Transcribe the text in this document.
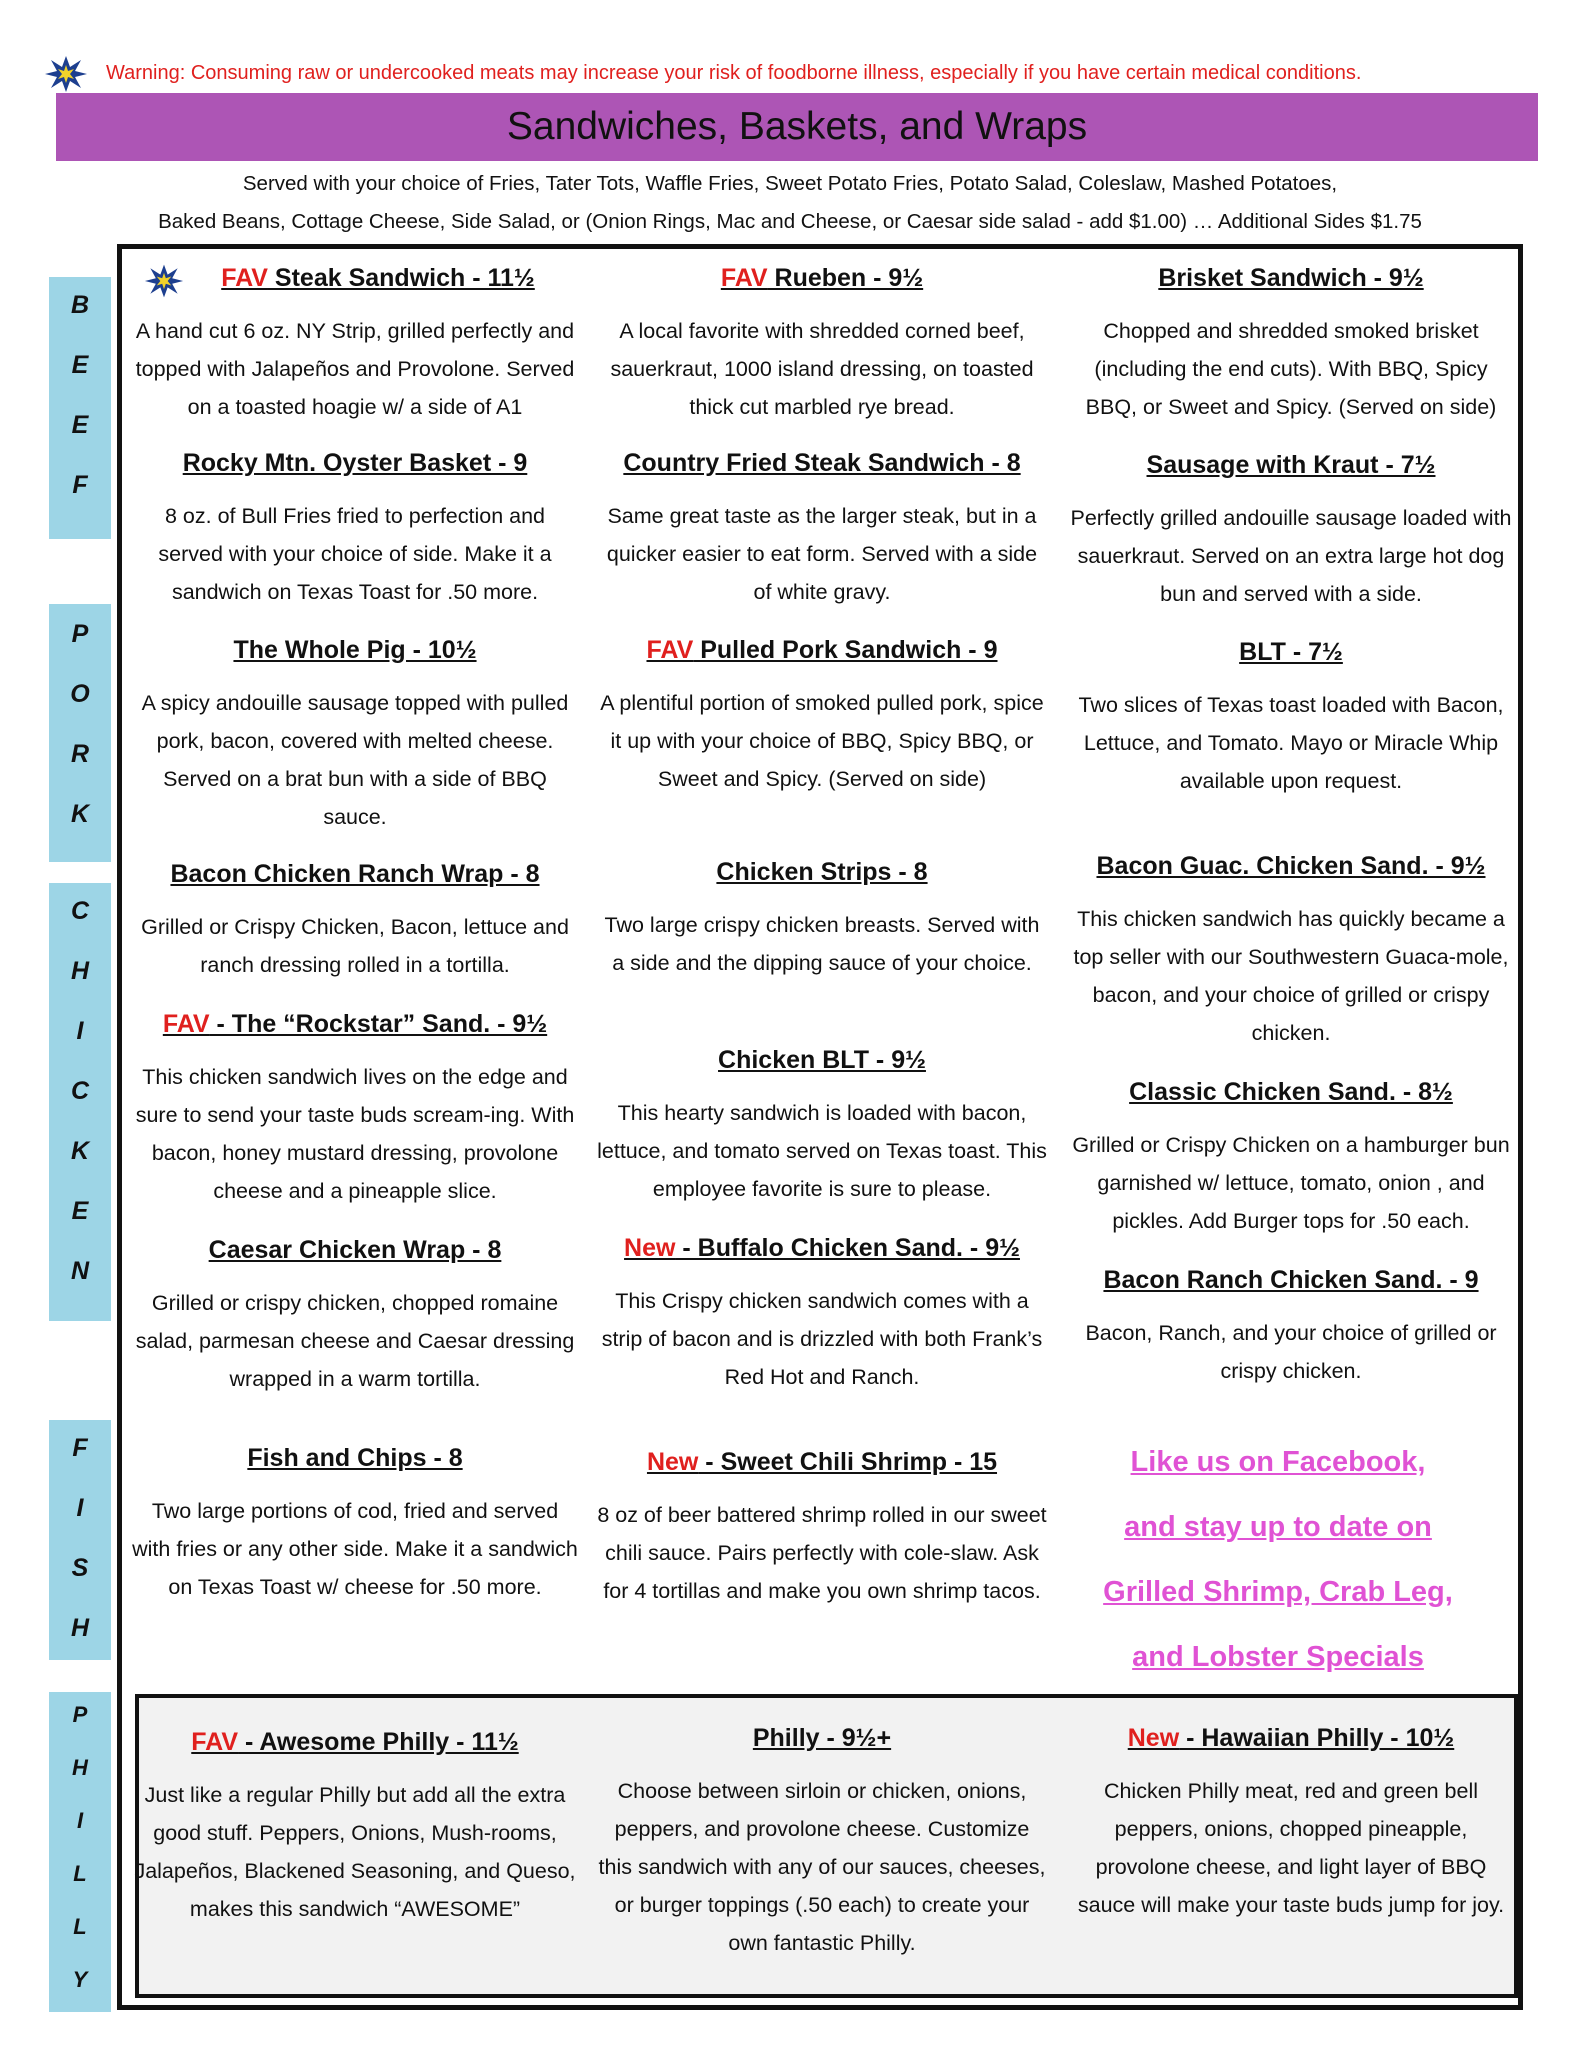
Warning: Consuming raw or undercooked meats may increase your risk of foodborne illness, especially if you have certain medical conditions.
Sandwiches, Baskets, and Wraps
Served with your choice of Fries, Tater Tots, Waffle Fries, Sweet Potato Fries, Potato Salad, Coleslaw, Mashed Potatoes,
Baked Beans, Cottage Cheese, Side Salad, or (Onion Rings, Mac and Cheese, or Caesar side salad - add $1.00) … Additional Sides $1.75
B
E
E
F
P
O
R
K
C
H
I
C
K
E
N
F
I
S
H
P
H
I
L
L
Y
FAV Steak Sandwich - 11½

A hand cut 6 oz. NY Strip, grilled perfectly and topped with Jalapeños and Provolone. Served on a toasted hoagie w/ a side of A1

Rocky Mtn. Oyster Basket - 9

8 oz. of Bull Fries fried to perfection and served with your choice of side. Make it a sandwich on Texas Toast for .50 more.

The Whole Pig - 10½

A spicy andouille sausage topped with pulled pork, bacon, covered with melted cheese. Served on a brat bun with a side of BBQ sauce.

Bacon Chicken Ranch Wrap - 8

Grilled or Crispy Chicken, Bacon, lettuce and ranch dressing rolled in a tortilla.

FAV - The “Rockstar” Sand. - 9½

This chicken sandwich lives on the edge and sure to send your taste buds scream-ing. With bacon, honey mustard dressing, provolone cheese and a pineapple slice.

Caesar Chicken Wrap - 8

Grilled or crispy chicken, chopped romaine salad, parmesan cheese and Caesar dressing wrapped in a warm tortilla.

Fish and Chips - 8

Two large portions of cod, fried and served with fries or any other side. Make it a sandwich on Texas Toast w/ cheese for .50 more.

FAV - Awesome Philly - 11½

Just like a regular Philly but add all the extra good stuff. Peppers, Onions, Mush-rooms, Jalapeños, Blackened Seasoning, and Queso, makes this sandwich “AWESOME”

FAV Rueben - 9½

A local favorite with shredded corned beef, sauerkraut, 1000 island dressing, on toasted thick cut marbled rye bread.

Country Fried Steak Sandwich - 8

Same great taste as the larger steak, but in a quicker easier to eat form. Served with a side of white gravy.

FAV Pulled Pork Sandwich - 9

A plentiful portion of smoked pulled pork, spice it up with your choice of BBQ, Spicy BBQ, or Sweet and Spicy. (Served on side)

Chicken Strips - 8

Two large crispy chicken breasts. Served with a side and the dipping sauce of your choice.

Chicken BLT - 9½

This hearty sandwich is loaded with bacon, lettuce, and tomato served on Texas toast. This employee favorite is sure to please.

New - Buffalo Chicken Sand. - 9½

This Crispy chicken sandwich comes with a strip of bacon and is drizzled with both Frank’s Red Hot and Ranch.

New - Sweet Chili Shrimp - 15

8 oz of beer battered shrimp rolled in our sweet chili sauce. Pairs perfectly with cole-slaw. Ask for 4 tortillas and make you own shrimp tacos.

Philly - 9½+

Choose between sirloin or chicken, onions, peppers, and provolone cheese. Customize this sandwich with any of our sauces, cheeses, or burger toppings (.50 each) to create your own fantastic Philly.

Brisket Sandwich - 9½

Chopped and shredded smoked brisket (including the end cuts). With BBQ, Spicy BBQ, or Sweet and Spicy. (Served on side)

Sausage with Kraut - 7½

Perfectly grilled andouille sausage loaded with sauerkraut. Served on an extra large hot dog bun and served with a side.

BLT - 7½

Two slices of Texas toast loaded with Bacon, Lettuce, and Tomato. Mayo or Miracle Whip available upon request.

Bacon Guac. Chicken Sand. - 9½

This chicken sandwich has quickly became a top seller with our Southwestern Guaca-mole, bacon, and your choice of grilled or crispy chicken.

Classic Chicken Sand. - 8½

Grilled or Crispy Chicken on a hamburger bun garnished w/ lettuce, tomato, onion , and pickles. Add Burger tops for .50 each.

Bacon Ranch Chicken Sand. - 9

Bacon, Ranch, and your choice of grilled or crispy chicken.

New - Hawaiian Philly - 10½

Chicken Philly meat, red and green bell peppers, onions, chopped pineapple, provolone cheese, and light layer of BBQ sauce will make your taste buds jump for joy.

Like us on Facebook,
and stay up to date on
Grilled Shrimp, Crab Leg,
and Lobster Specials
